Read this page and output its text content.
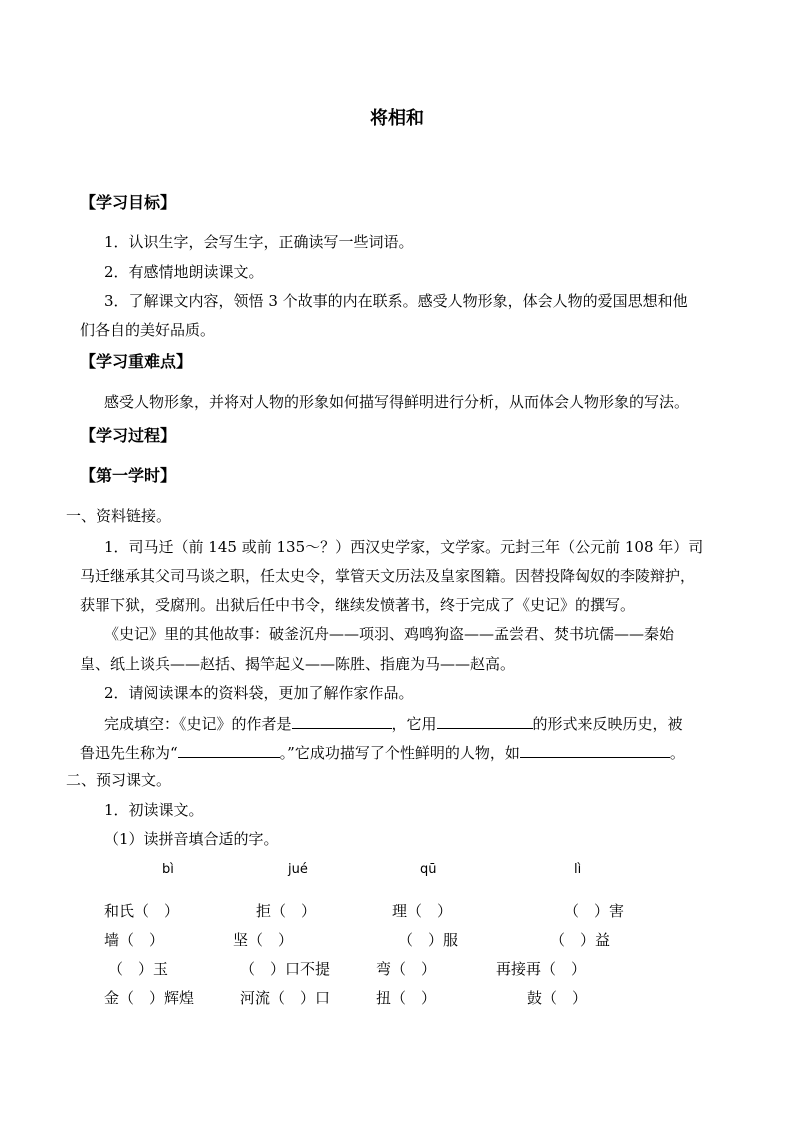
将相和
【学习目标】
1．认识生字，会写生字，正确读写一些词语。
2．有感情地朗读课文。
3．了解课文内容，领悟 3 个故事的内在联系。感受人物形象，体会人物的爱国思想和他
们各自的美好品质。
【学习重难点】
感受人物形象，并将对人物的形象如何描写得鲜明进行分析，从而体会人物形象的写法。
【学习过程】
【第一学时】
一、资料链接。
1．司马迁（前 145 或前 135～？）西汉史学家，文学家。元封三年（公元前 108 年）司
马迁继承其父司马谈之职，任太史令，掌管天文历法及皇家图籍。因替投降匈奴的李陵辩护，
获罪下狱，受腐刑。出狱后任中书令，继续发愤著书，终于完成了《史记》的撰写。
《史记》里的其他故事：破釜沉舟——项羽、鸡鸣狗盗——孟尝君、焚书坑儒——秦始
皇、纸上谈兵——赵括、揭竿起义——陈胜、指鹿为马——赵高。
2．请阅读课本的资料袋，更加了解作家作品。
完成填空：《史记》的作者是	，它用	的形式来反映历史，被
鲁迅先生称为“	。”它成功描写了个性鲜明的人物，如	。
二、预习课文。
1．初读课文。
（1）读拼音填合适的字。
bì	jué	qū	lì
和氏（　）	拒（　）	理（　）	（　）害
墙（　）	坚（　）	（　）服	（　）益
（　）玉	（　）口不提	弯（　）	再接再（　）
金（　）辉煌	河流（　）口	扭（　）	鼓（　）
